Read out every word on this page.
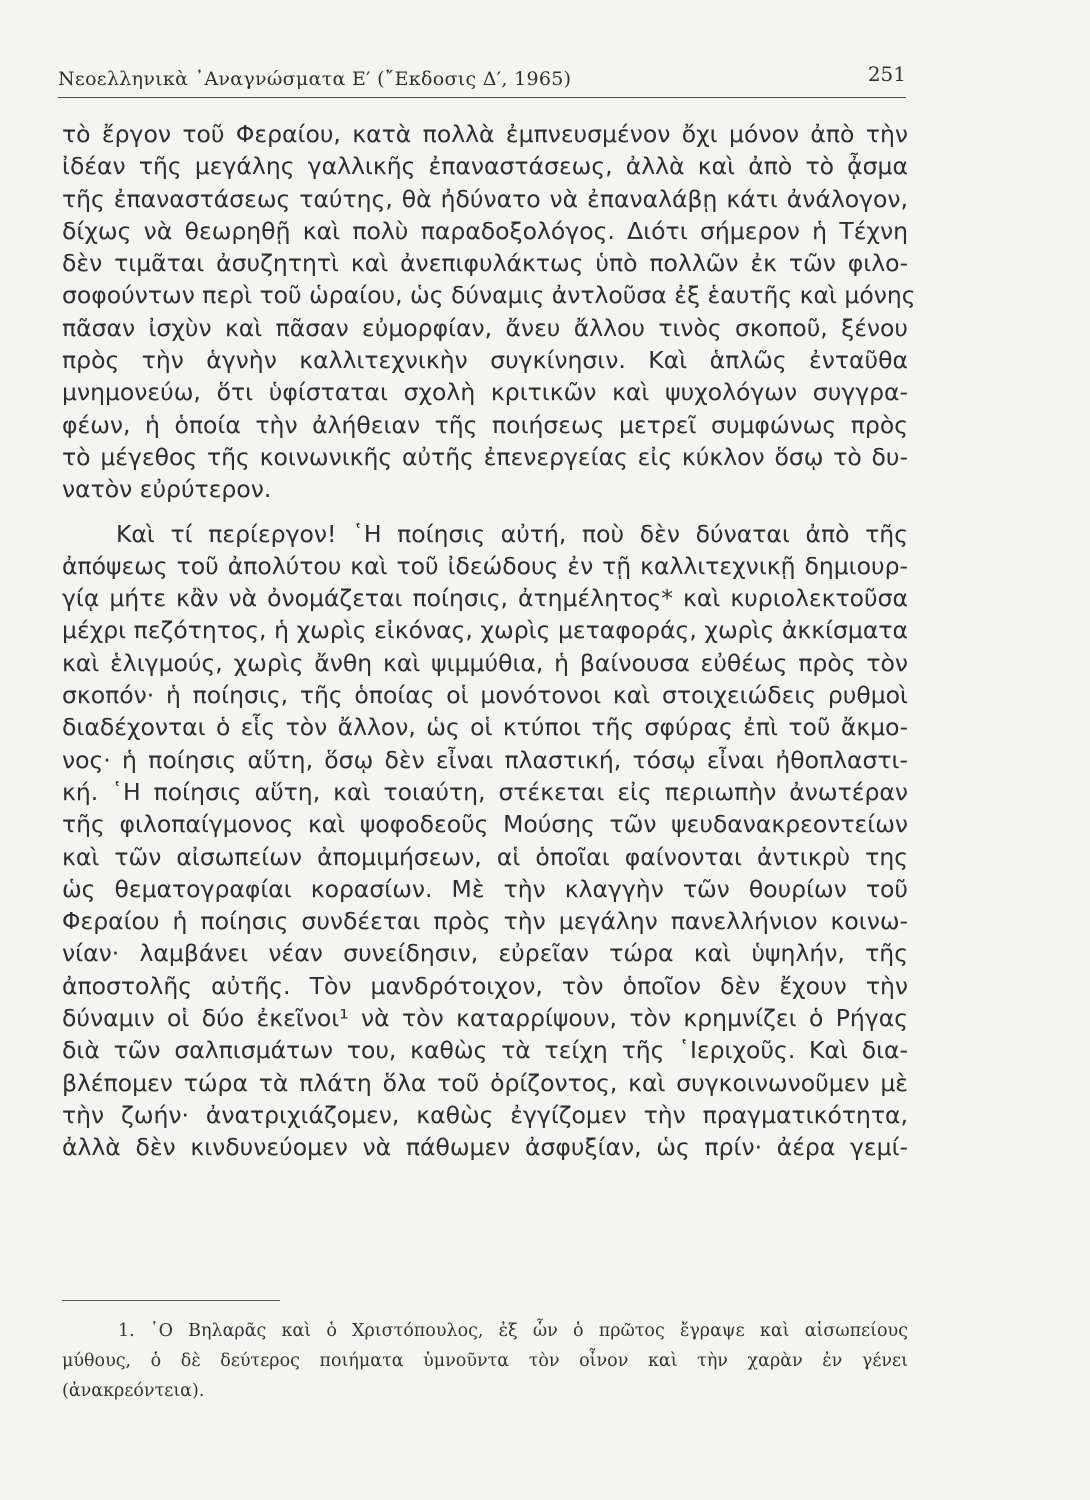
Νεοελληνικὰ ᾿Αναγνώσματα Ε′ (῎Εκδοσις Δ′, 1965)	251
τὸ ἔργον τοῦ Φεραίου, κατὰ πολλὰ ἐμπνευσμένον ὄχι μόνον ἀπὸ τὴν
ἰδέαν τῆς μεγάλης γαλλικῆς ἐπαναστάσεως, ἀλλὰ καὶ ἀπὸ τὸ ᾆσμα
τῆς ἐπαναστάσεως ταύτης, θὰ ἠδύνατο νὰ ἐπαναλάβῃ κάτι ἀνάλογον,
δίχως νὰ θεωρηθῇ καὶ πολὺ παραδοξολόγος. Διότι σήμερον ἡ Τέχνη
δὲν τιμᾶται ἀσυζητητὶ καὶ ἀνεπιφυλάκτως ὑπὸ πολλῶν ἐκ τῶν φιλο-
σοφούντων περὶ τοῦ ὡραίου, ὡς δύναμις ἀντλοῦσα ἐξ ἑαυτῆς καὶ μόνης
πᾶσαν ἰσχὺν καὶ πᾶσαν εὐμορφίαν, ἄνευ ἄλλου τινὸς σκοποῦ, ξένου
πρὸς τὴν ἁγνὴν καλλιτεχνικὴν συγκίνησιν. Καὶ ἁπλῶς ἐνταῦθα
μνημονεύω, ὅτι ὑφίσταται σχολὴ κριτικῶν καὶ ψυχολόγων συγγρα-
φέων, ἡ ὁποία τὴν ἀλήθειαν τῆς ποιήσεως μετρεῖ συμφώνως πρὸς
τὸ μέγεθος τῆς κοινωνικῆς αὐτῆς ἐπενεργείας εἰς κύκλον ὅσῳ τὸ δυ-
νατὸν εὐρύτερον.
Καὶ τί περίεργον! ῾Η ποίησις αὐτή, ποὺ δὲν δύναται ἀπὸ τῆς
ἀπόψεως τοῦ ἀπολύτου καὶ τοῦ ἰδεώδους ἐν τῇ καλλιτεχνικῇ δημιουρ-
γίᾳ μήτε κἂν νὰ ὀνομάζεται ποίησις, ἀτημέλητος* καὶ κυριολεκτοῦσα
μέχρι πεζότητος, ἡ χωρὶς εἰκόνας, χωρὶς μεταφοράς, χωρὶς ἀκκίσματα
καὶ ἑλιγμούς, χωρὶς ἄνθη καὶ ψιμμύθια, ἡ βαίνουσα εὐθέως πρὸς τὸν
σκοπόν· ἡ ποίησις, τῆς ὁποίας οἱ μονότονοι καὶ στοιχειώδεις ρυθμοὶ
διαδέχονται ὁ εἷς τὸν ἄλλον, ὡς οἱ κτύποι τῆς σφύρας ἐπὶ τοῦ ἄκμο-
νος· ἡ ποίησις αὕτη, ὅσῳ δὲν εἶναι πλαστική, τόσῳ εἶναι ἠθοπλαστι-
κή. ῾Η ποίησις αὕτη, καὶ τοιαύτη, στέκεται εἰς περιωπὴν ἀνωτέραν
τῆς φιλοπαίγμονος καὶ ψοφοδεοῦς Μούσης τῶν ψευδανακρεοντείων
καὶ τῶν αἰσωπείων ἀπομιμήσεων, αἱ ὁποῖαι φαίνονται ἀντικρὺ της
ὡς θεματογραφίαι κορασίων. Μὲ τὴν κλαγγὴν τῶν θουρίων τοῦ
Φεραίου ἡ ποίησις συνδέεται πρὸς τὴν μεγάλην πανελλήνιον κοινω-
νίαν· λαμβάνει νέαν συνείδησιν, εὐρεῖαν τώρα καὶ ὑψηλήν, τῆς
ἀποστολῆς αὐτῆς. Τὸν μανδρότοιχον, τὸν ὁποῖον δὲν ἔχουν τὴν
δύναμιν οἱ δύο ἐκεῖνοι¹ νὰ τὸν καταρρίψουν, τὸν κρημνίζει ὁ Ρήγας
διὰ τῶν σαλπισμάτων του, καθὼς τὰ τείχη τῆς ῾Ιεριχοῦς. Καὶ δια-
βλέπομεν τώρα τὰ πλάτη ὅλα τοῦ ὁρίζοντος, καὶ συγκοινωνοῦμεν μὲ
τὴν ζωήν· ἀνατριχιάζομεν, καθὼς ἐγγίζομεν τὴν πραγματικότητα,
ἀλλὰ δὲν κινδυνεύομεν νὰ πάθωμεν ἀσφυξίαν, ὡς πρίν· ἀέρα γεμί-
1. ῾Ο Βηλαρᾶς καὶ ὁ Χριστόπουλος, ἐξ ὧν ὁ πρῶτος ἔγραψε καὶ αἰσωπείους
μύθους, ὁ δὲ δεύτερος ποιήματα ὑμνοῦντα τὸν οἶνον καὶ τὴν χαρὰν ἐν γένει
(ἀνακρεόντεια).
